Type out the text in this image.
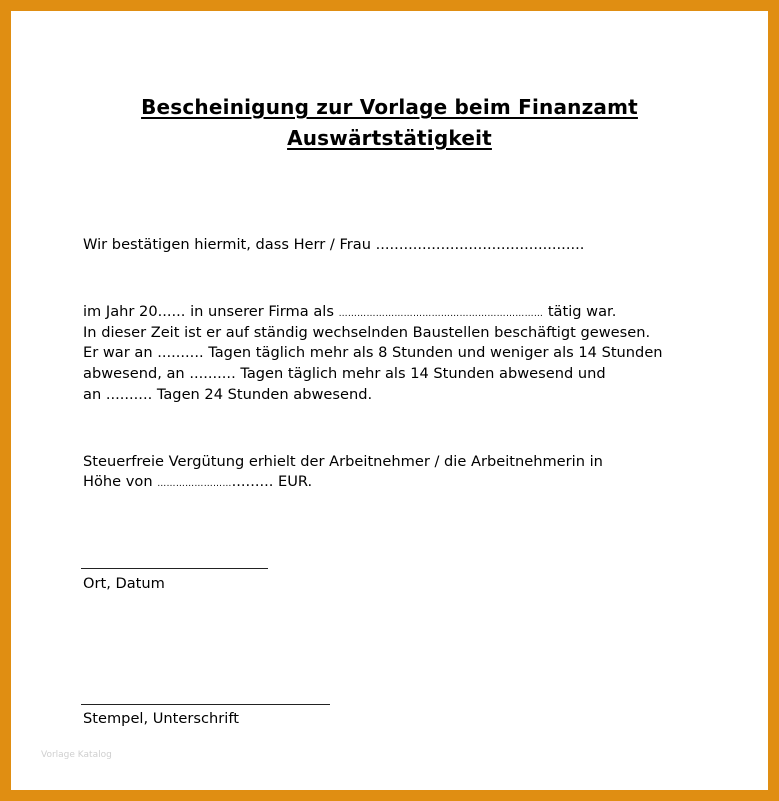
Bescheinigung zur Vorlage beim Finanzamt
Auswärtstätigkeit

Wir bestätigen hiermit, dass Herr / Frau .............................................

im Jahr 20...... in unserer Firma als ………………………………………………………… tätig war.

In dieser Zeit ist er auf ständig wechselnden Baustellen beschäftigt gewesen.

Er war an .......... Tagen täglich mehr als 8 Stunden und weniger als 14 Stunden

abwesend, an .......... Tagen täglich mehr als 14 Stunden abwesend und

an .......... Tagen 24 Stunden abwesend.

Steuerfreie Vergütung erhielt der Arbeitnehmer / die Arbeitnehmerin in

Höhe von ……………………......... EUR.

Ort, Datum

Stempel, Unterschrift

Vorlage Katalog
